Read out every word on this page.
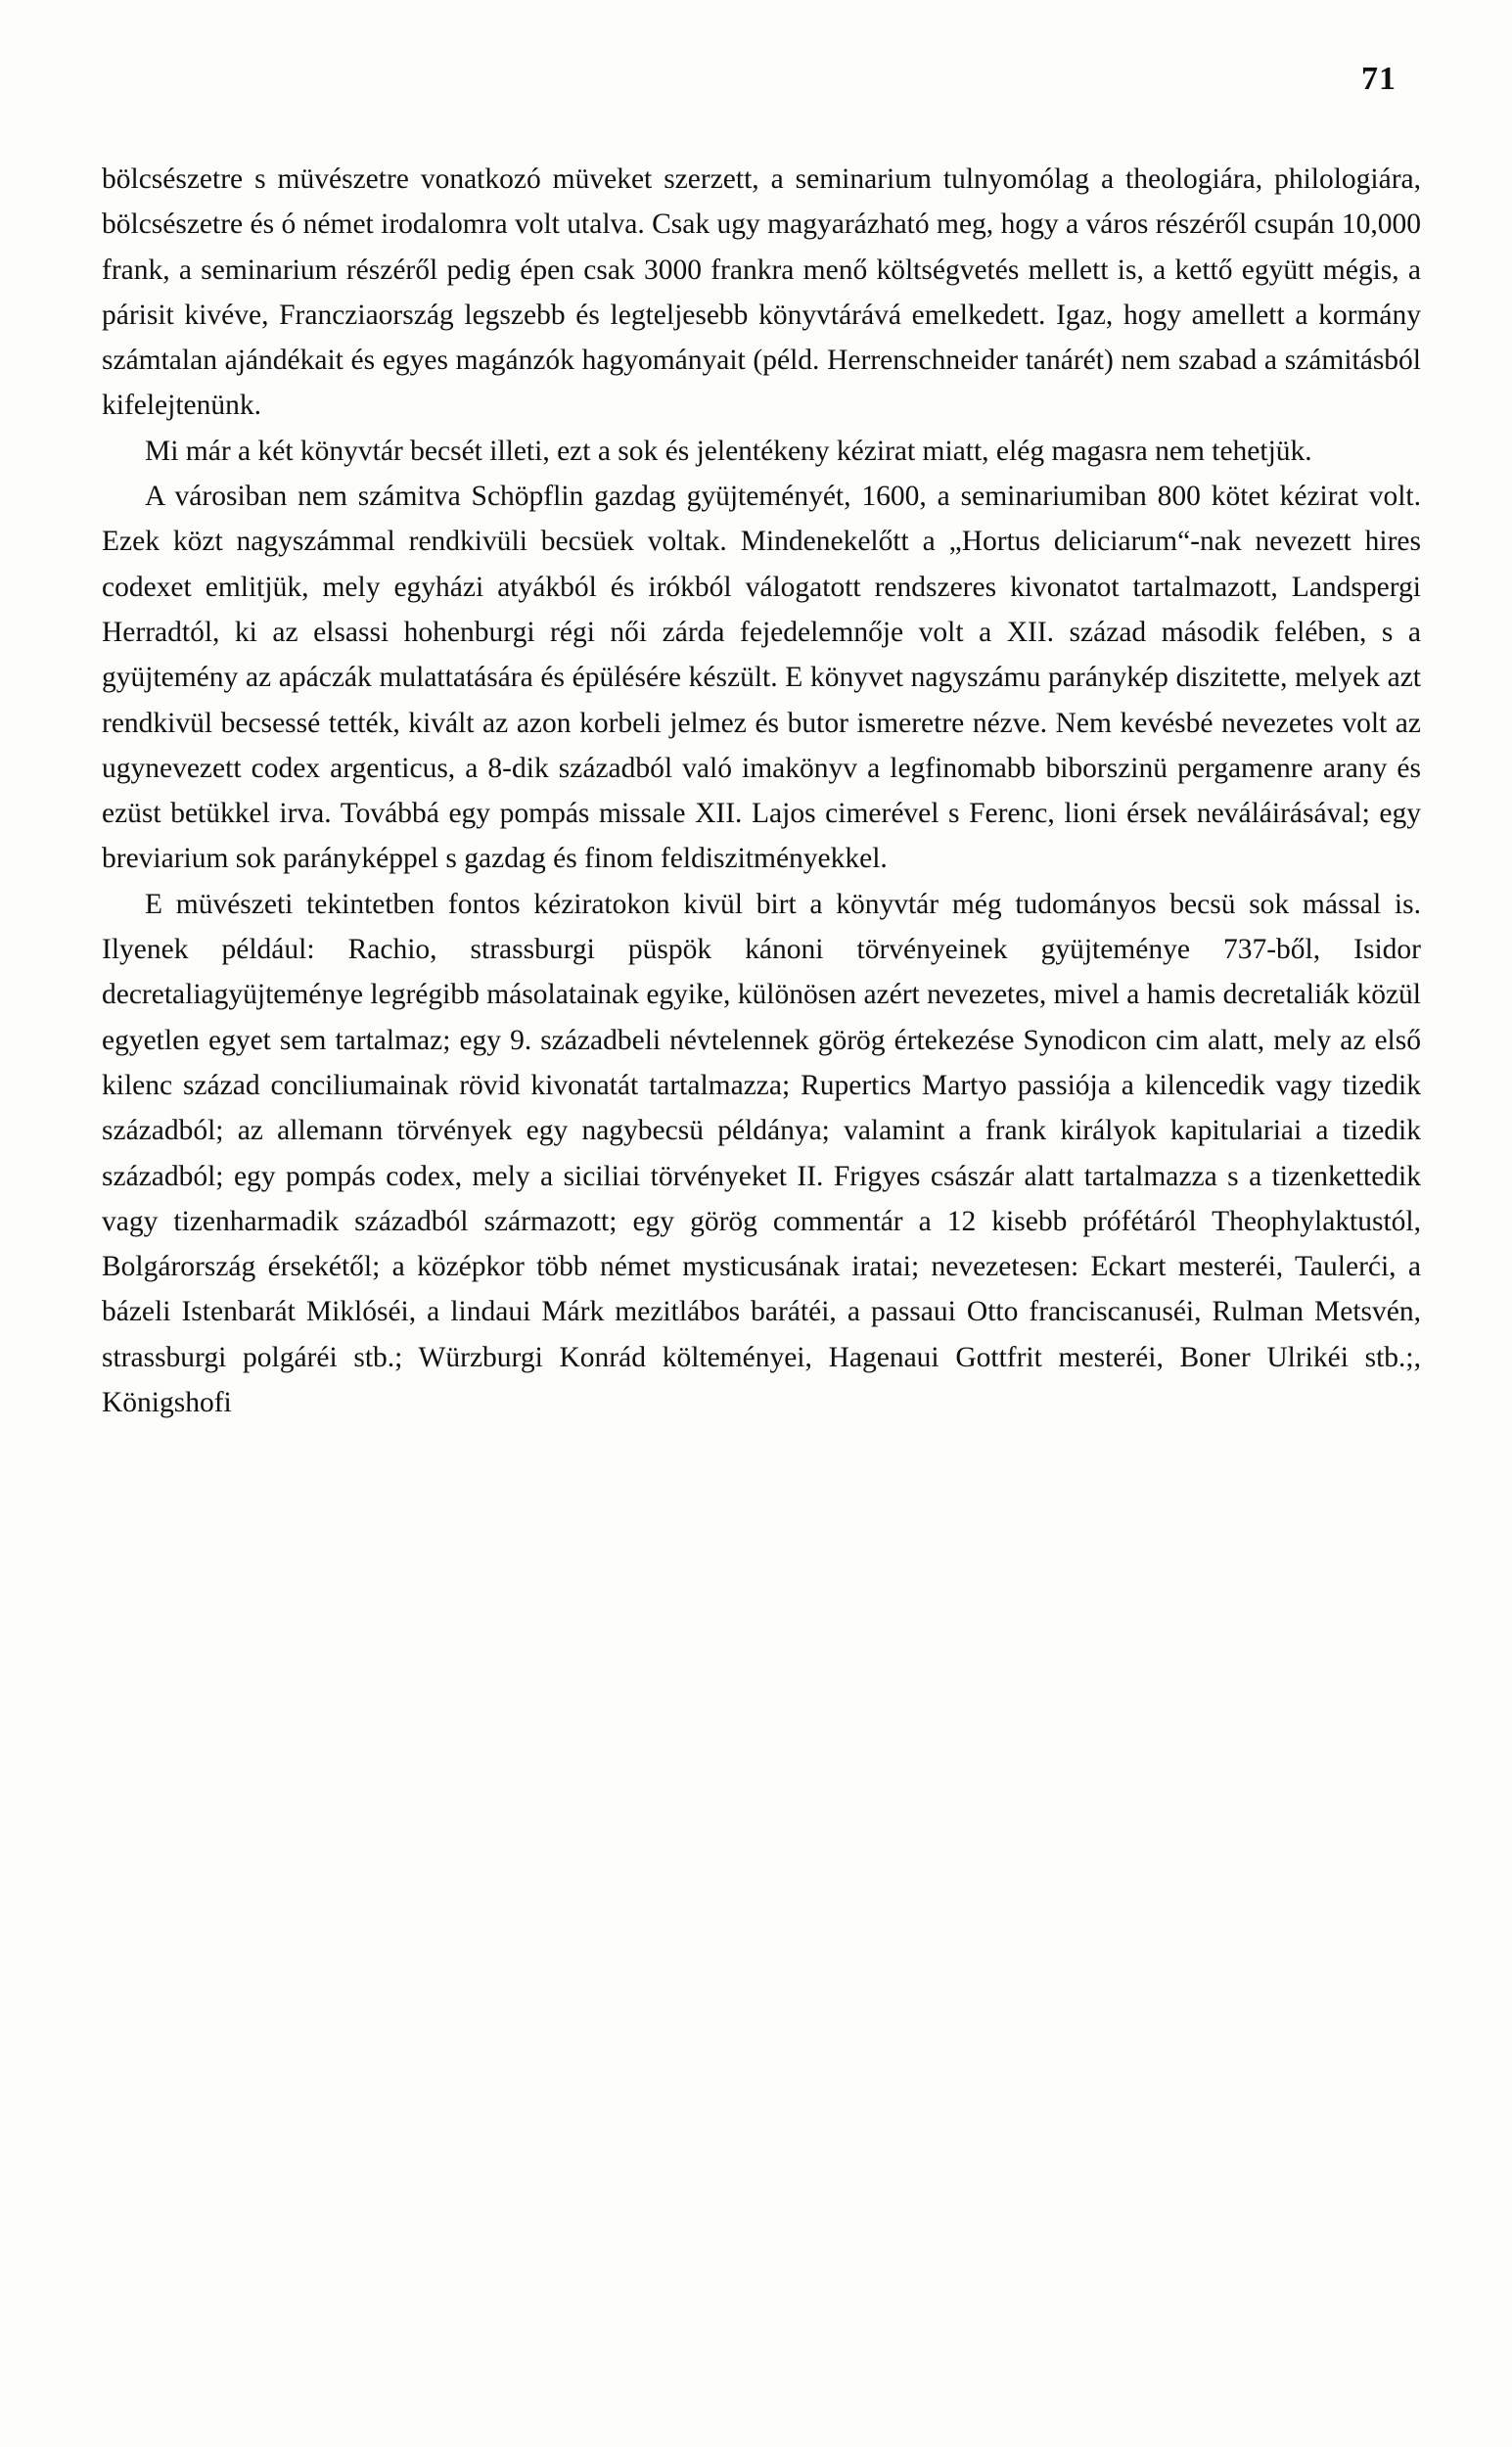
71

bölcsészetre s müvészetre vonatkozó müveket szerzett, a seminarium tulnyomólag a theologiára, philologiára, bölcsészetre és ó német irodalomra volt utalva. Csak ugy magyarázható meg, hogy a város részéről csupán 10,000 frank, a seminarium részéről pedig épen csak 3000 frankra menő költségvetés mellett is, a kettő együtt mégis, a párisit kivéve, Francziaország legszebb és legteljesebb könyvtárává emelkedett. Igaz, hogy amellett a kormány számtalan ajándékait és egyes magánzók hagyományait (péld. Herrenschneider tanárét) nem szabad a számitásból kifelejtenünk.

Mi már a két könyvtár becsét illeti, ezt a sok és jelentékeny kézirat miatt, elég magasra nem tehetjük.

A városiban nem számitva Schöpflin gazdag gyüjteményét, 1600, a seminariumiban 800 kötet kézirat volt. Ezek közt nagyszámmal rendkivüli becsüek voltak. Mindenekelőtt a „Hortus deliciarum“-nak nevezett hires codexet emlitjük, mely egyházi atyákból és irókból válogatott rendszeres kivonatot tartalmazott, Landspergi Herradtól, ki az elsassi hohenburgi régi női zárda fejedelemnője volt a XII. század második felében, s a gyüjtemény az apáczák mulattatására és épülésére készült. E könyvet nagyszámu paránykép diszitette, melyek azt rendkivül becsessé tették, kivált az azon korbeli jelmez és butor ismeretre nézve. Nem kevésbé nevezetes volt az ugynevezett codex argenticus, a 8-dik századból való imakönyv a legfinomabb biborszinü pergamenre arany és ezüst betükkel irva. Továbbá egy pompás missale XII. Lajos cimerével s Ferenc, lioni érsek neváláirásával; egy breviarium sok parányképpel s gazdag és finom feldiszitményekkel.

E müvészeti tekintetben fontos kéziratokon kivül birt a könyvtár még tudományos becsü sok mással is. Ilyenek például: Rachio, strassburgi püspök kánoni törvényeinek gyüjteménye 737-ből, Isidor decretaliagyüjteménye legrégibb másolatainak egyike, különösen azért nevezetes, mivel a hamis decretaliák közül egyetlen egyet sem tartalmaz; egy 9. századbeli névtelennek görög értekezése Synodicon cim alatt, mely az első kilenc század conciliumainak rövid kivonatát tartalmazza; Rupertics Martyo passiója a kilencedik vagy tizedik századból; az allemann törvények egy nagybecsü példánya; valamint a frank királyok kapitulariai a tizedik századból; egy pompás codex, mely a siciliai törvényeket II. Frigyes császár alatt tartalmazza s a tizenkettedik vagy tizenharmadik századból származott; egy görög commentár a 12 kisebb prófétáról Theophylaktustól, Bolgárország érsekétől; a középkor több német mysticusának iratai; nevezetesen: Eckart mesteréi, Taulerći, a bázeli Istenbarát Miklóséi, a lindaui Márk mezitlábos barátéi, a passaui Otto franciscanuséi, Rulman Metsvén, strassburgi polgáréi stb.; Würzburgi Konrád költeményei, Hagenaui Gottfrit mesteréi, Boner Ulrikéi stb.;, Königshofi
